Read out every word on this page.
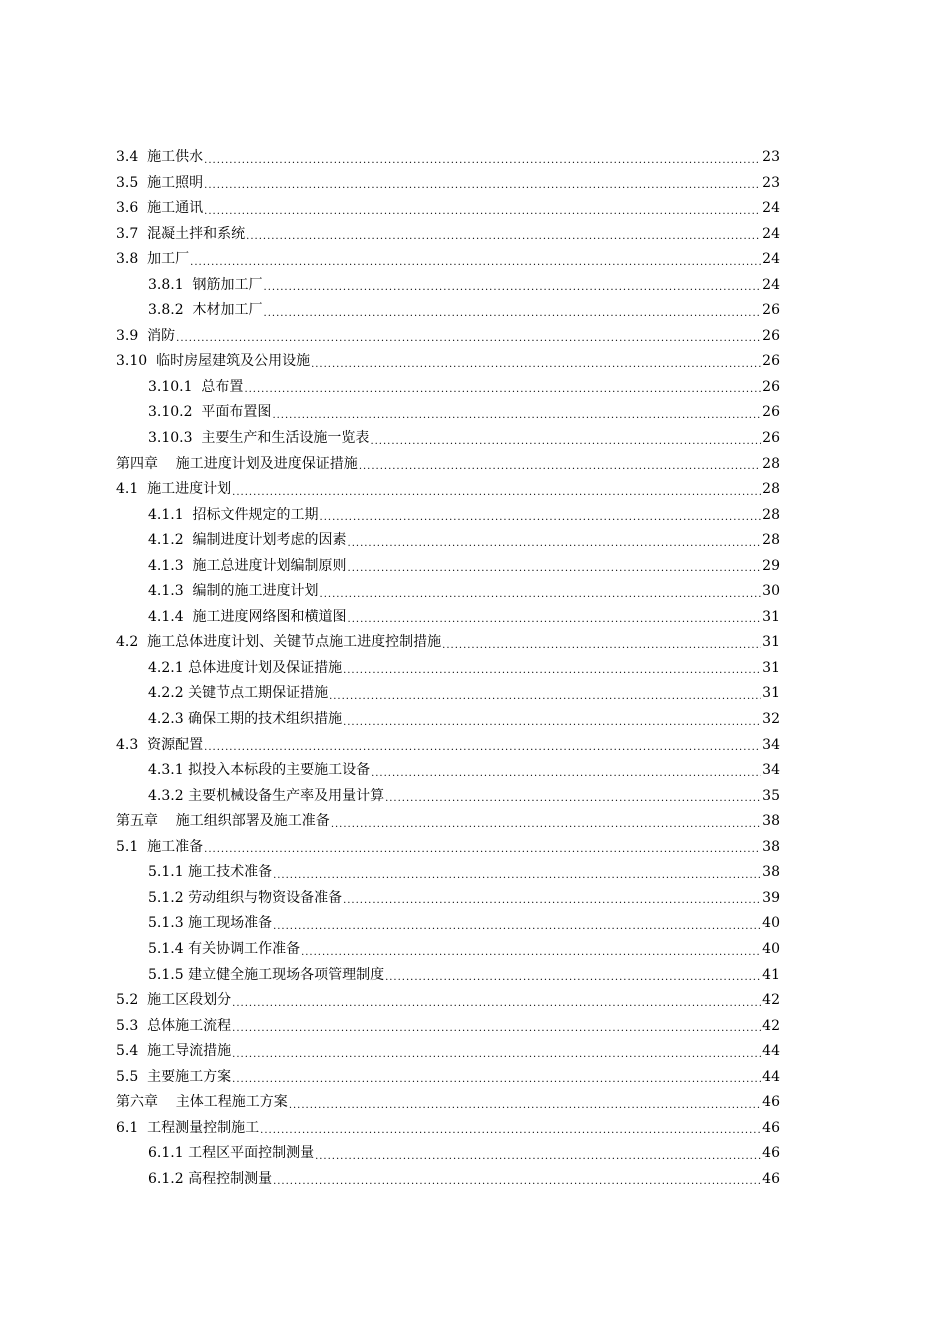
3.4  施工供水 .....	23
3.5  施工照明 .....	23
3.6  施工通讯 .....	24
3.7  混凝土拌和系统 .....	24
3.8  加工厂 .....	24
3.8.1  钢筋加工厂 .....	24
3.8.2  木材加工厂 .....	26
3.9  消防 .....	26
3.10  临时房屋建筑及公用设施 .....	26
3.10.1  总布置 .....	26
3.10.2  平面布置图 .....	26
3.10.3  主要生产和生活设施一览表 .....	26
第四章    施工进度计划及进度保证措施 .....	28
4.1  施工进度计划 .....	28
4.1.1  招标文件规定的工期 .....	28
4.1.2  编制进度计划考虑的因素 .....	28
4.1.3  施工总进度计划编制原则 .....	29
4.1.3  编制的施工进度计划 .....	30
4.1.4  施工进度网络图和横道图 .....	31
4.2  施工总体进度计划、关键节点施工进度控制措施 .....	31
4.2.1 总体进度计划及保证措施 .....	31
4.2.2 关键节点工期保证措施 .....	31
4.2.3 确保工期的技术组织措施 .....	32
4.3  资源配置 .....	34
4.3.1 拟投入本标段的主要施工设备 .....	34
4.3.2 主要机械设备生产率及用量计算 .....	35
第五章    施工组织部署及施工准备 .....	38
5.1  施工准备 .....	38
5.1.1 施工技术准备 .....	38
5.1.2 劳动组织与物资设备准备 .....	39
5.1.3 施工现场准备 .....	40
5.1.4 有关协调工作准备 .....	40
5.1.5 建立健全施工现场各项管理制度 .....	41
5.2  施工区段划分 .....	42
5.3  总体施工流程 .....	42
5.4  施工导流措施 .....	44
5.5  主要施工方案 .....	44
第六章    主体工程施工方案 .....	46
6.1  工程测量控制施工 .....	46
6.1.1 工程区平面控制测量 .....	46
6.1.2 高程控制测量 .....	46
